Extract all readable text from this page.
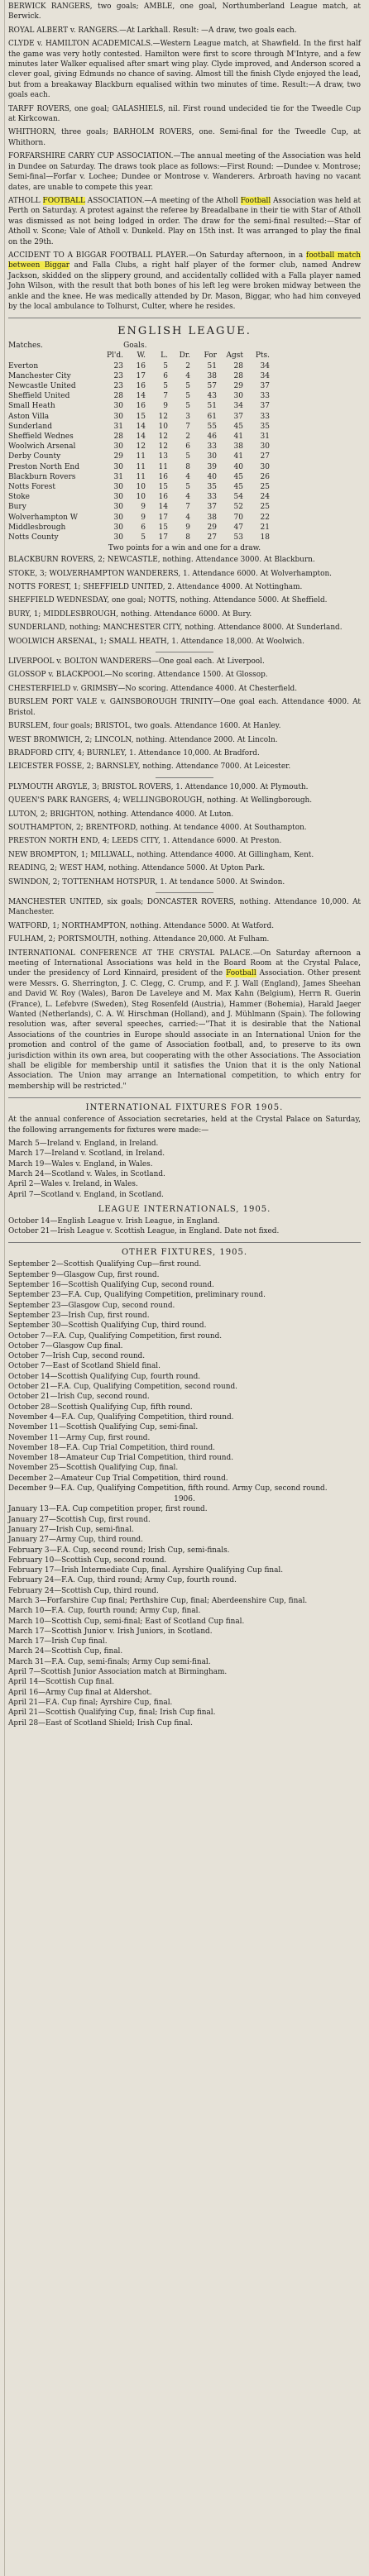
BERWICK RANGERS, two goals; AMBLE, one goal, Northumberland League match, at Berwick.

ROYAL ALBERT v. RANGERS.—At Larkhall. Result: —A draw, two goals each.

CLYDE v. HAMILTON ACADEMICALS.—Western League match, at Shawfield. In the first half the game was very hotly contested. Hamilton were first to score through M'Intyre, and a few minutes later Walker equalised after smart wing play. Clyde improved, and Anderson scored a clever goal, giving Edmunds no chance of saving. Almost till the finish Clyde enjoyed the lead, but from a breakaway Blackburn equalised within two minutes of time. Result:—A draw, two goals each.

TARFF ROVERS, one goal; GALASHIELS, nil. First round undecided tie for the Tweedle Cup at Kirkcowan.

WHITHORN, three goals; BARHOLM ROVERS, one. Semi-final for the Tweedle Cup, at Whithorn.

FORFARSHIRE CARRY CUP ASSOCIATION.—The annual meeting of the Association was held in Dundee on Saturday. The draws took place as follows:—First Round: —Dundee v. Montrose; Semi-final—Forfar v. Lochee; Dundee or Montrose v. Wanderers. Arbroath having no vacant dates, are unable to compete this year.

ATHOLL FOOTBALL ASSOCIATION.—A meeting of the Atholl Football Association was held at Perth on Saturday. A protest against the referee by Breadalbane in their tie with Star of Atholl was dismissed as not being lodged in order. The draw for the semi-final resulted:—Star of Atholl v. Scone; Vale of Atholl v. Dunkeld. Play on 15th inst. It was arranged to play the final on the 29th.

ACCIDENT TO A BIGGAR FOOTBALL PLAYER.—On Saturday afternoon, in a football match between Biggar and Falla Clubs, a right half player of the former club, named Andrew Jackson, skidded on the slippery ground, and accidentally collided with a Falla player named John Wilson, with the result that both bones of his left leg were broken midway between the ankle and the knee. He was medically attended by Dr. Mason, Biggar, who had him conveyed by the local ambulance to Tolhurst, Culter, where he resides.

ENGLISH LEAGUE.
Matches.                                  Goals.
	Pl'd.	W.	L.	Dr.	For	Agst	Pts.
Everton	23	16	5	2	51	28	34
Manchester City	23	17	6	4	38	28	34
Newcastle United	23	16	5	5	57	29	37
Sheffield United	28	14	7	5	43	30	33
Small Heath	30	16	9	5	51	34	37
Aston Villa	30	15	12	3	61	37	33
Sunderland	31	14	10	7	55	45	35
Sheffield Wednes	28	14	12	2	46	41	31
Woolwich Arsenal	30	12	12	6	33	38	30
Derby County	29	11	13	5	30	41	27
Preston North End	30	11	11	8	39	40	30
Blackburn Rovers	31	11	16	4	40	45	26
Notts Forest	30	10	15	5	35	45	25
Stoke	30	10	16	4	33	54	24
Bury	30	9	14	7	37	52	25
Wolverhampton W	30	9	17	4	38	70	22
Middlesbrough	30	6	15	9	29	47	21
Notts County	30	5	17	8	27	53	18
Two points for a win and one for a draw.

BLACKBURN ROVERS, 2; NEWCASTLE, nothing. Attendance 3000. At Blackburn.

STOKE, 3; WOLVERHAMPTON WANDERERS, 1. Attendance 6000. At Wolverhampton.

NOTTS FOREST, 1; SHEFFIELD UNITED, 2. Attendance 4000. At Nottingham.

SHEFFIELD WEDNESDAY, one goal; NOTTS, nothing. Attendance 5000. At Sheffield.

BURY, 1; MIDDLESBROUGH, nothing. Attendance 6000. At Bury.

SUNDERLAND, nothing; MANCHESTER CITY, nothing. Attendance 8000. At Sunderland.

WOOLWICH ARSENAL, 1; SMALL HEATH, 1. Attendance 18,000. At Woolwich.

LIVERPOOL v. BOLTON WANDERERS—One goal each. At Liverpool.

GLOSSOP v. BLACKPOOL—No scoring. Attendance 1500. At Glossop.

CHESTERFIELD v. GRIMSBY—No scoring. Attendance 4000. At Chesterfield.

BURSLEM PORT VALE v. GAINSBOROUGH TRINITY—One goal each. Attendance 4000. At Bristol.

BURSLEM, four goals; BRISTOL, two goals. Attendance 1600. At Hanley.

WEST BROMWICH, 2; LINCOLN, nothing. Attendance 2000. At Lincoln.

BRADFORD CITY, 4; BURNLEY, 1. Attendance 10,000. At Bradford.

LEICESTER FOSSE, 2; BARNSLEY, nothing. Attendance 7000. At Leicester.

PLYMOUTH ARGYLE, 3; BRISTOL ROVERS, 1. Attendance 10,000. At Plymouth.

QUEEN'S PARK RANGERS, 4; WELLINGBOROUGH, nothing. At Wellingborough.

LUTON, 2; BRIGHTON, nothing. Attendance 4000. At Luton.

SOUTHAMPTON, 2; BRENTFORD, nothing. At tendance 4000. At Southampton.

PRESTON NORTH END, 4; LEEDS CITY, 1. Attendance 6000. At Preston.

NEW BROMPTON, 1; MILLWALL, nothing. Attendance 4000. At Gillingham, Kent.

READING, 2; WEST HAM, nothing. Attendance 5000. At Upton Park.

SWINDON, 2; TOTTENHAM HOTSPUR, 1. At tendance 5000. At Swindon.

MANCHESTER UNITED, six goals; DONCASTER ROVERS, nothing. Attendance 10,000. At Manchester.

WATFORD, 1; NORTHAMPTON, nothing. Attendance 5000. At Watford.

FULHAM, 2; PORTSMOUTH, nothing. Attendance 20,000. At Fulham.

INTERNATIONAL CONFERENCE AT THE CRYSTAL PALACE.—On Saturday afternoon a meeting of International Associations was held in the Board Room at the Crystal Palace, under the presidency of Lord Kinnaird, president of the Football Association. Other present were Messrs. G. Sherrington, J. C. Clegg, C. Crump, and F. J. Wall (England), James Sheehan and David W. Roy (Wales), Baron De Laveleye and M. Max Kahn (Belgium), Herrn R. Guerin (France), L. Lefebvre (Sweden), Steg Rosenfeld (Austria), Hammer (Bohemia), Harald Jaeger Wanted (Netherlands), C. A. W. Hirschman (Holland), and J. Mühlmann (Spain). The following resolution was, after several speeches, carried:—"That it is desirable that the National Associations of the countries in Europe should associate in an International Union for the promotion and control of the game of Association football, and, to preserve to its own jurisdiction within its own area, but cooperating with the other Associations. The Association shall be eligible for membership until it satisfies the Union that it is the only National Association. The Union may arrange an International competition, to which entry for membership will be restricted."

INTERNATIONAL FIXTURES FOR 1905.

At the annual conference of Association secretaries, held at the Crystal Palace on Saturday, the following arrangements for fixtures were made:—

March 5—Ireland v. England, in Ireland.

March 17—Ireland v. Scotland, in Ireland.

March 19—Wales v. England, in Wales.

March 24—Scotland v. Wales, in Scotland.

April 2—Wales v. Ireland, in Wales.

April 7—Scotland v. England, in Scotland.

LEAGUE INTERNATIONALS, 1905.

October 14—English League v. Irish League, in England.

October 21—Irish League v. Scottish League, in England. Date not fixed.

OTHER FIXTURES, 1905.

September 2—Scottish Qualifying Cup—first round.

September 9—Glasgow Cup, first round.

September 16—Scottish Qualifying Cup, second round.

September 23—F.A. Cup, Qualifying Competition, preliminary round.

September 23—Glasgow Cup, second round.

September 23—Irish Cup, first round.

September 30—Scottish Qualifying Cup, third round.

October 7—F.A. Cup, Qualifying Competition, first round.

October 7—Glasgow Cup final.

October 7—Irish Cup, second round.

October 7—East of Scotland Shield final.

October 14—Scottish Qualifying Cup, fourth round.

October 21—F.A. Cup, Qualifying Competition, second round.

October 21—Irish Cup, second round.

October 28—Scottish Qualifying Cup, fifth round.

November 4—F.A. Cup, Qualifying Competition, third round.

November 11—Scottish Qualifying Cup, semi-final.

November 11—Army Cup, first round.

November 18—F.A. Cup Trial Competition, third round.

November 18—Amateur Cup Trial Competition, third round.

November 25—Scottish Qualifying Cup, final.

December 2—Amateur Cup Trial Competition, third round.

December 9—F.A. Cup, Qualifying Competition, fifth round. Army Cup, second round.

1906.

January 13—F.A. Cup competition proper, first round.

January 27—Scottish Cup, first round.

January 27—Irish Cup, semi-final.

January 27—Army Cup, third round.

February 3—F.A. Cup, second round; Irish Cup, semi-finals.

February 10—Scottish Cup, second round.

February 17—Irish Intermediate Cup, final. Ayrshire Qualifying Cup final.

February 24—F.A. Cup, third round; Army Cup, fourth round.

February 24—Scottish Cup, third round.

March 3—Forfarshire Cup final; Perthshire Cup, final; Aberdeenshire Cup, final.

March 10—F.A. Cup, fourth round; Army Cup, final.

March 10—Scottish Cup, semi-final; East of Scotland Cup final.

March 17—Scottish Junior v. Irish Juniors, in Scotland.

March 17—Irish Cup final.

March 24—Scottish Cup, final.

March 31—F.A. Cup, semi-finals; Army Cup semi-final.

April 7—Scottish Junior Association match at Birmingham.

April 14—Scottish Cup final.

April 16—Army Cup final at Aldershot.

April 21—F.A. Cup final; Ayrshire Cup, final.

April 21—Scottish Qualifying Cup, final; Irish Cup final.

April 28—East of Scotland Shield; Irish Cup final.
